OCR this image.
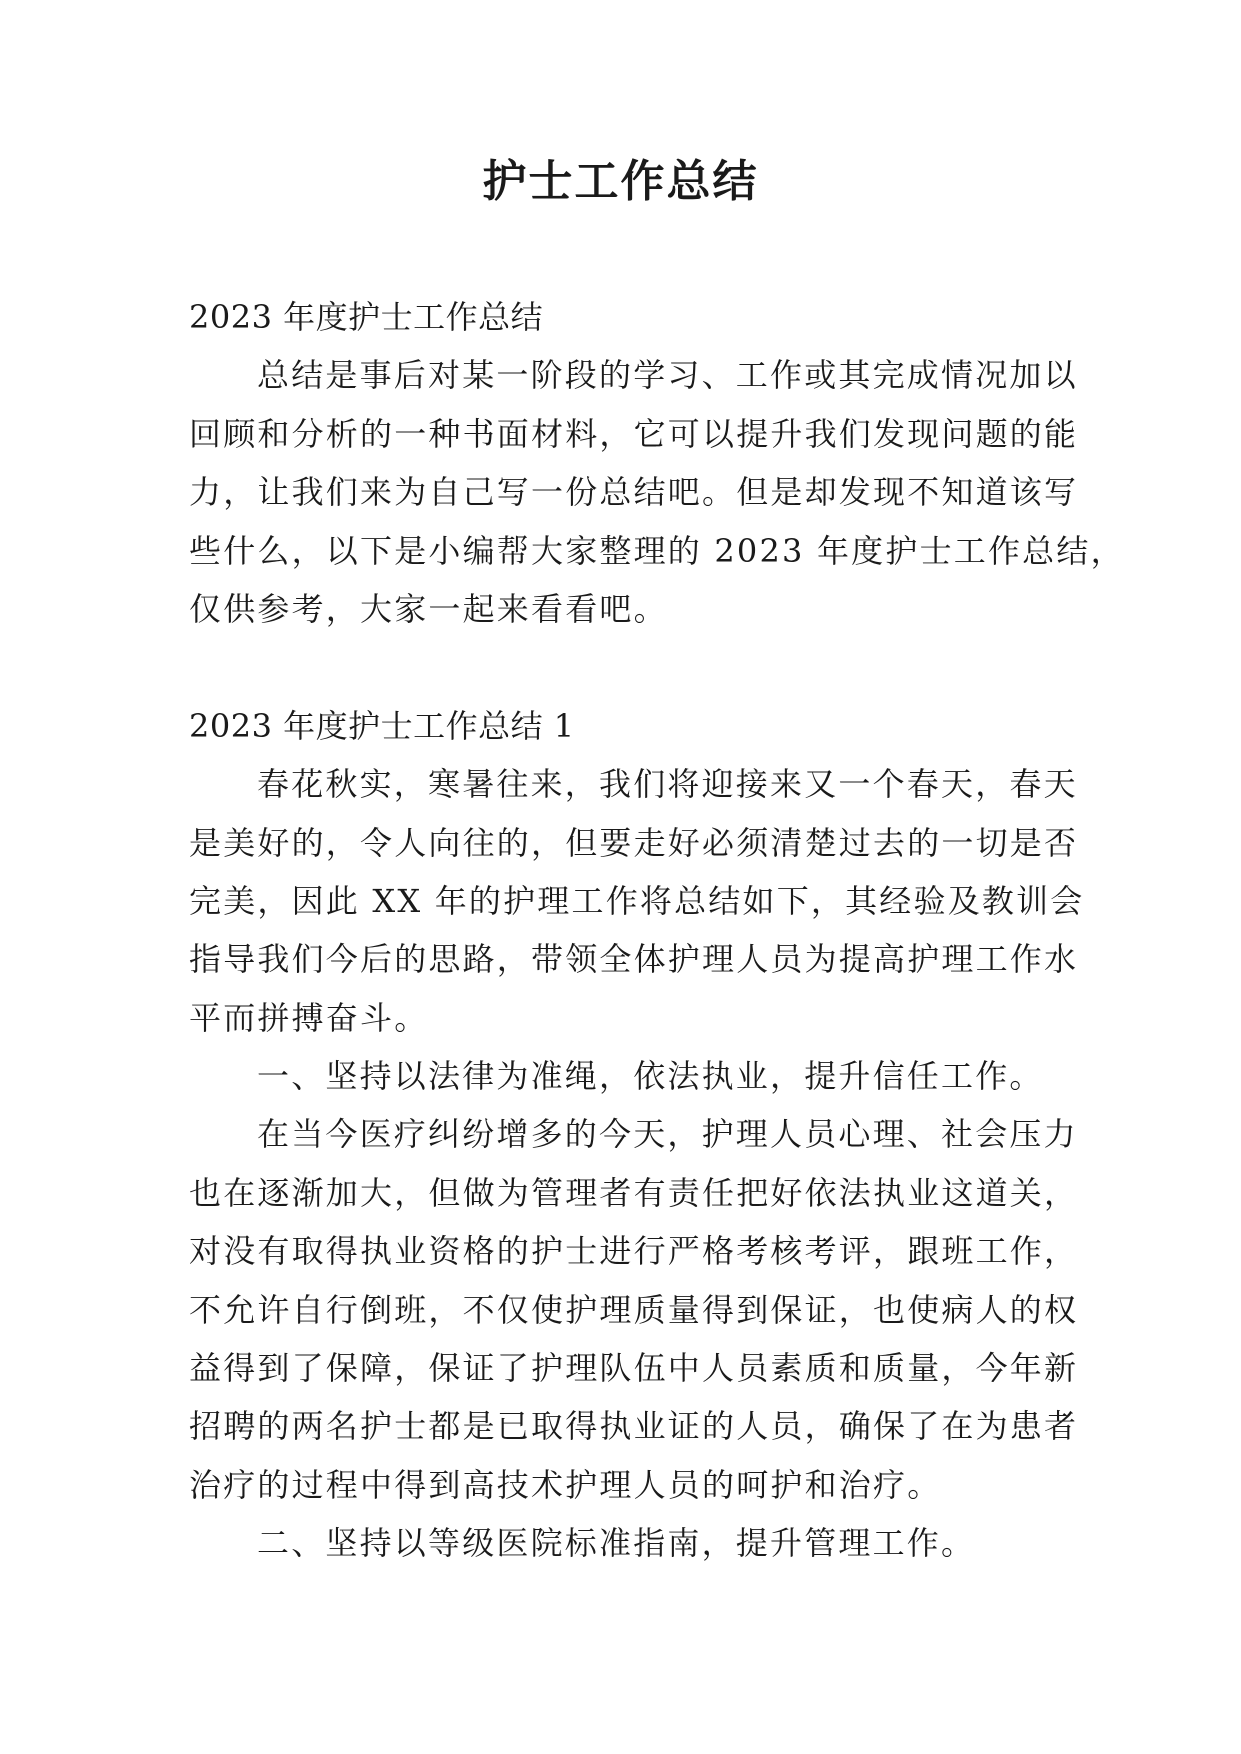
护士工作总结

2023 年度护士工作总结

总结是事后对某一阶段的学习、工作或其完成情况加以

回顾和分析的一种书面材料，它可以提升我们发现问题的能

力，让我们来为自己写一份总结吧。但是却发现不知道该写

些什么，以下是小编帮大家整理的 2023 年度护士工作总结，

仅供参考，大家一起来看看吧。

2023 年度护士工作总结 1

春花秋实，寒暑往来，我们将迎接来又一个春天，春天

是美好的，令人向往的，但要走好必须清楚过去的一切是否

完美，因此 XX 年的护理工作将总结如下，其经验及教训会

指导我们今后的思路，带领全体护理人员为提高护理工作水

平而拼搏奋斗。

一、坚持以法律为准绳，依法执业，提升信任工作。

在当今医疗纠纷增多的今天，护理人员心理、社会压力

也在逐渐加大，但做为管理者有责任把好依法执业这道关，

对没有取得执业资格的护士进行严格考核考评，跟班工作，

不允许自行倒班，不仅使护理质量得到保证，也使病人的权

益得到了保障，保证了护理队伍中人员素质和质量，今年新

招聘的两名护士都是已取得执业证的人员，确保了在为患者

治疗的过程中得到高技术护理人员的呵护和治疗。

二、坚持以等级医院标准指南，提升管理工作。
